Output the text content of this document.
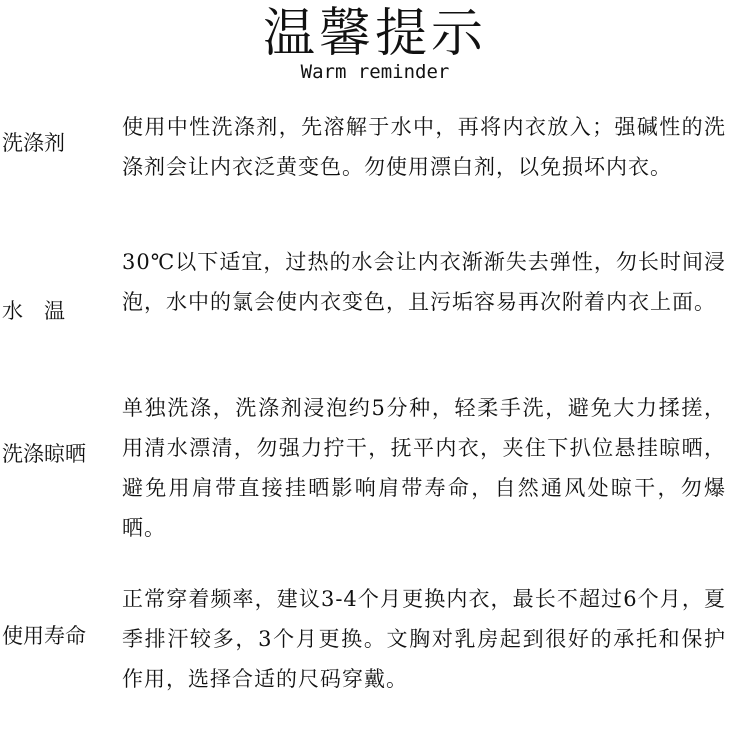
温馨提示
Warm reminder
洗涤剂
使用中性洗涤剂，先溶解于水中，再将内衣放入；强碱性的洗涤剂会让内衣泛黄变色。勿使用漂白剂，以免损坏内衣。
水　温
30℃以下适宜，过热的水会让内衣渐渐失去弹性，勿长时间浸泡，水中的氯会使内衣变色，且污垢容易再次附着内衣上面。
洗涤晾晒
单独洗涤，洗涤剂浸泡约5分种，轻柔手洗，避免大力揉搓，用清水漂清，勿强力拧干，抚平内衣，夹住下扒位悬挂晾晒，避免用肩带直接挂晒影响肩带寿命，自然通风处晾干，勿爆晒。
使用寿命
正常穿着频率，建议3-4个月更换内衣，最长不超过6个月，夏季排汗较多，3个月更换。文胸对乳房起到很好的承托和保护作用，选择合适的尺码穿戴。
